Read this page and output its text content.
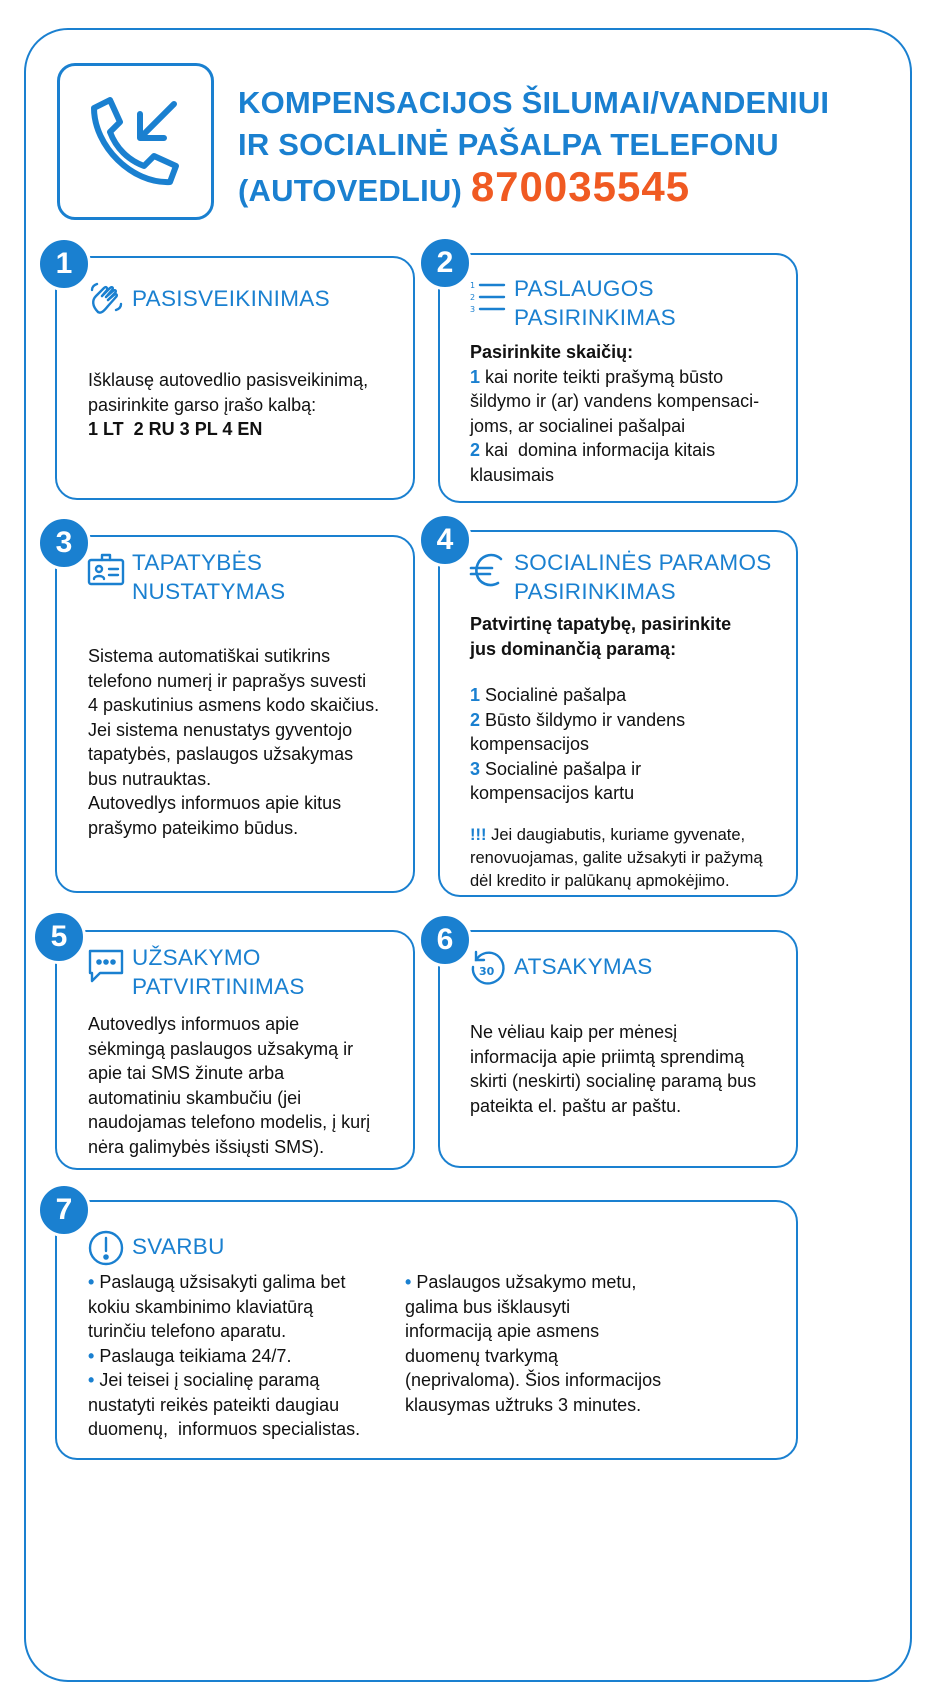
KOMPENSACIJOS ŠILUMAI/VANDENIUI
IR SOCIALINĖ PAŠALPA TELEFONU
(AUTOVEDLIU) 870035545
1
PASISVEIKINIMAS
Išklausę autovedlio pasisveikinimą,
pasirinkite garso įrašo kalbą:
1 LT  2 RU 3 PL 4 EN
2
1
2
3
PASLAUGOS
PASIRINKIMAS
Pasirinkite skaičių:
1 kai norite teikti prašymą būsto
šildymo ir (ar) vandens kompensaci-
joms, ar socialinei pašalpai
2 kai  domina informacija kitais
klausimais
3
TAPATYBĖS
NUSTATYMAS
Sistema automatiškai sutikrins
telefono numerį ir paprašys suvesti
4 paskutinius asmens kodo skaičius.
Jei sistema nenustatys gyventojo
tapatybės, paslaugos užsakymas
bus nutrauktas.
Autovedlys informuos apie kitus
prašymo pateikimo būdus.
4
SOCIALINĖS PARAMOS
PASIRINKIMAS
Patvirtinę tapatybę, pasirinkite
jus dominančią paramą:
1 Socialinė pašalpa
2 Būsto šildymo ir vandens
kompensacijos
3 Socialinė pašalpa ir
kompensacijos kartu
!!! Jei daugiabutis, kuriame gyvenate,
renovuojamas, galite užsakyti ir pažymą
dėl kredito ir palūkanų apmokėjimo.
5
UŽSAKYMO
PATVIRTINIMAS
Autovedlys informuos apie
sėkmingą paslaugos užsakymą ir
apie tai SMS žinute arba
automatiniu skambučiu (jei
naudojamas telefono modelis, į kurį
nėra galimybės išsiųsti SMS).
6
30 ATSAKYMAS
Ne vėliau kaip per mėnesį
informacija apie priimtą sprendimą
skirti (neskirti) socialinę paramą bus
pateikta el. paštu ar paštu.
7
SVARBU
• Paslaugą užsisakyti galima bet
kokiu skambinimo klaviatūrą
turinčiu telefono aparatu.
• Paslauga teikiama 24/7.
• Jei teisei į socialinę paramą
nustatyti reikės pateikti daugiau
duomenų,  informuos specialistas.
• Paslaugos užsakymo metu,
galima bus išklausyti
informaciją apie asmens
duomenų tvarkymą
(neprivaloma). Šios informacijos
klausymas užtruks 3 minutes.
